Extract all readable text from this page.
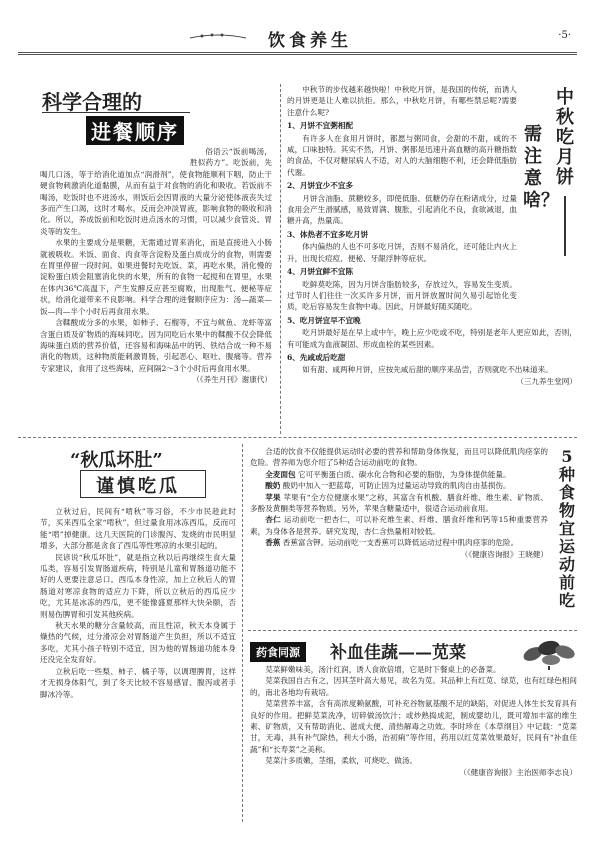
饮食养生	·5·
科学合理的
进餐顺序

俗语云“饭前喝汤，胜似药方”。吃饭前，先喝几口汤，等于给消化道加点“润滑剂”，使食物能顺利下咽，防止干硬食物刺激消化道黏膜，从而有益于对食物的消化和吸收。若饭前不喝汤，吃饭时也不进汤水，则饭后会因胃液的大量分泌使体液丧失过多而产生口渴，这时才喝水，反而会冲淡胃液，影响食物的吸收和消化。所以，养成饭前和吃饭时进点汤水的习惯，可以减少食管炎、胃炎等的发生。

水果的主要成分是果糖，无需通过胃来消化，而是直接进入小肠就被吸收。米饭、面食、肉食等含淀粉及蛋白质成分的食物，则需要在胃里停留一段时间。如果进餐时先吃饭、菜，再吃水果，消化慢的淀粉蛋白质会阻塞消化快的水果，所有的食物一起搅和在胃里，水果在体内36℃高温下，产生发酵反应甚至腐败，出现胀气、便秘等症状，给消化道带来不良影响。科学合理的进餐顺序应为：汤—蔬菜—饭—肉—半个小时后再食用水果。

含鞣酸成分多的水果，如柿子、石榴等，不宜与鱿鱼、龙虾等富含蛋白质及矿物质的海味同吃。因为同吃后水果中的鞣酸不仅会降低海味蛋白质的营养价值，还容易和海味品中的钙、铁结合成一种不易消化的物质，这种物质能刺激胃肠，引起恶心、呕吐、腹痛等。营养专家建议，食用了这些海味，应间隔2～3个小时后再食用水果。

（《养生月刊》谢康代）

中秋吃月饼
需注意啥？

中秋节的步伐越来越快啦！中秋吃月饼，是我国的传统，而诱人的月饼更是让人难以抗拒。那么，中秋吃月饼，有哪些禁忌呢?需要注意什么呢?

1、月饼不宜粥相配

有许多人在食用月饼时，都愿与粥同食，会甜的不甜，咸的不咸，口味独特。其实不然，月饼、粥都是迅速升高血糖的高升糖指数的食品，不仅对糖尿病人不适，对人的大脑细胞不利，还会降低脂肪代谢。

2、月饼宜少不宜多

月饼含油脂、蔗糖较多，即使低脂、低糖仍存在粉诸成分，过量食用会产生滑腻感，易致胃满、腹胀，引起消化不良，食欲减退，血糖升高，热量高。

3、体热者不宜多吃月饼

体内偏热的人也不可多吃月饼，否则不易消化，还可能让内火上升，出现长痘痘、便秘、牙龈浮肿等症状。

4、月饼宜鲜不宜陈

吃鲜莫吃陈，因为月饼含脂肪较多，存放过久，容易发生变质。过节时人们往往一次买许多月饼，而月饼放置时间久易引起饴化变质，吃后容易发生食物中毒。因此，月饼最好随买随吃。

5、吃月饼宜早不宜晚

吃月饼最好是在早上或中午，晚上应少吃或不吃，特别是老年人更应如此，否则，有可能成为血液凝固、形成血栓的某些因素。

6、先咸或后吃甜

如有甜、咸两种月饼，应按先咸后甜的顺序来品尝，否则就吃不出味道来。

（三九养生堂网）

“秋瓜坏肚”
谨慎吃瓜

立秋过后，民间有“啃秋”等习俗，不少市民趁此时节，买来西瓜全家“啃秋”，但过量食用冰冻西瓜，反而可能“啃”掉健康。这几天医院的门诊腹泻、发烧的市民明显增多，大部分都是贪食了西瓜等性寒凉的水果引起的。

民谚说“秋瓜坏肚”，就是指立秋以后再继续生食大量瓜类，容易引发胃肠道疾病，特别是儿童和胃肠道功能不好的人更要注意忌口。西瓜本身性凉，加上立秋后人的胃肠道对寒凉食物的适应力下降，所以立秋后的西瓜应少吃，尤其是冰冻的西瓜，更不能像盛夏那样大快朵颐，否则易伤脾胃和引发其他疾病。

秋天水果的糖分含量较高，而且性凉，秋天本身属于燥热的气候，过分滑凉会对胃肠道产生负担，所以不适宜多吃，尤其小孩子特别不适宜，因为他的胃肠道功能本身还没完全发育好。

立秋后吃一些梨、柿子、橘子等，以调理脾胃，这样才无损身体阳气，到了冬天比较不容易感冒、腹泻或者手脚冰冷等。

5种食物宜运动前吃

合适的饮食不仅能提供运动时必要的营养和帮助身体恢复，而且可以降低肌肉痉挛的危险。营养师为您介绍了5种适合运动前吃的食物。

全麦面包 它可平衡蛋白质、碳水化合物和必要的脂肪，为身体提供能量。

酸奶 酸奶中加入一把蓝莓，可防止因为过量运动导致的肌肉自由基损伤。

苹果 苹果有“全方位健康水果”之称，其富含有机酸、膳食纤维、维生素、矿物质、多酚及黄酮类等营养物质。另外，苹果含糖量适中，很适合运动前食用。

杏仁 运动前吃一把杏仁，可以补充维生素、纤维、膳食纤维和钙等15种重要营养素，为身体各是营养。研究发现，杏仁含热量相对较低。

香蕉 香蕉富含钾。运动前吃一支香蕉可以降低运动过程中肌肉痉挛的危险。

（《健康咨询报》王晓健）

药食同源	补血佳蔬——苋菜

苋菜鲜嫩味美，汤汁红润，诱人食欲倍增，它是时下餐桌上的必备菜。

苋菜我国自古有之，因其茎叶高大易见，故名为苋。其品种上有红苋、绿苋，也有红绿色相间的，南北各地均有栽培。

苋菜营养丰富，含有高浓度赖氨酸，可补充谷物氨基酸不足的缺陷，对促进人体生长发育具有良好的作用。把鲜苋菜洗净，切碎做汤饮汁；或炒熟捣成泥，制成婴幼儿，既可增加丰富的维生素、矿物质，又有帮助消化、滋成大便、清热解毒之功效。李时珍在《本草纲目》中记载：“苋菜甘，无毒，具有补气除热，利大小肠，治初痢”等作用，药用以红苋菜效果最好，民间有“补血佳蔬”和“长寿菜”之美称。

苋菜汁多质嫩，茎细，柔软，可烧吃、做汤。

（《健康咨询报》主治医师李志良）
